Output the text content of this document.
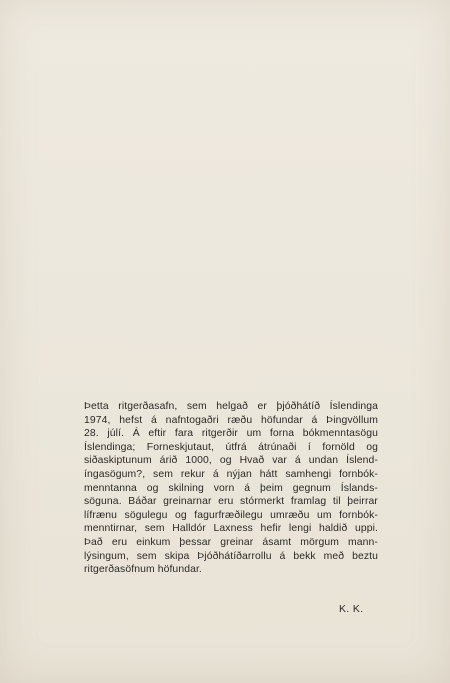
Þetta ritgerðasafn, sem helgað er þjóðhátíð Íslendinga
1974, hefst á nafntogaðri ræðu höfundar á Þingvöllum
28. júlí. Á eftir fara ritgerðir um forna bókmenntasögu
Íslendinga; Forneskjutaut, útfrá átrúnaði í fornöld og
siðaskiptunum árið 1000, og Hvað var á undan Íslend-
íngasögum?, sem rekur á nýjan hátt samhengi fornbók-
menntanna og skilning vorn á þeim gegnum Íslands-
söguna. Báðar greinarnar eru stórmerkt framlag til þeirrar
lífrænu sögulegu og fagurfræðilegu umræðu um fornbók-
menntirnar, sem Halldór Laxness hefir lengi haldið uppi.
Það eru einkum þessar greinar ásamt mörgum mann-
lýsingum, sem skipa Þjóðhátíðarrollu á bekk með beztu
ritgerðasöfnum höfundar.
K. K.
